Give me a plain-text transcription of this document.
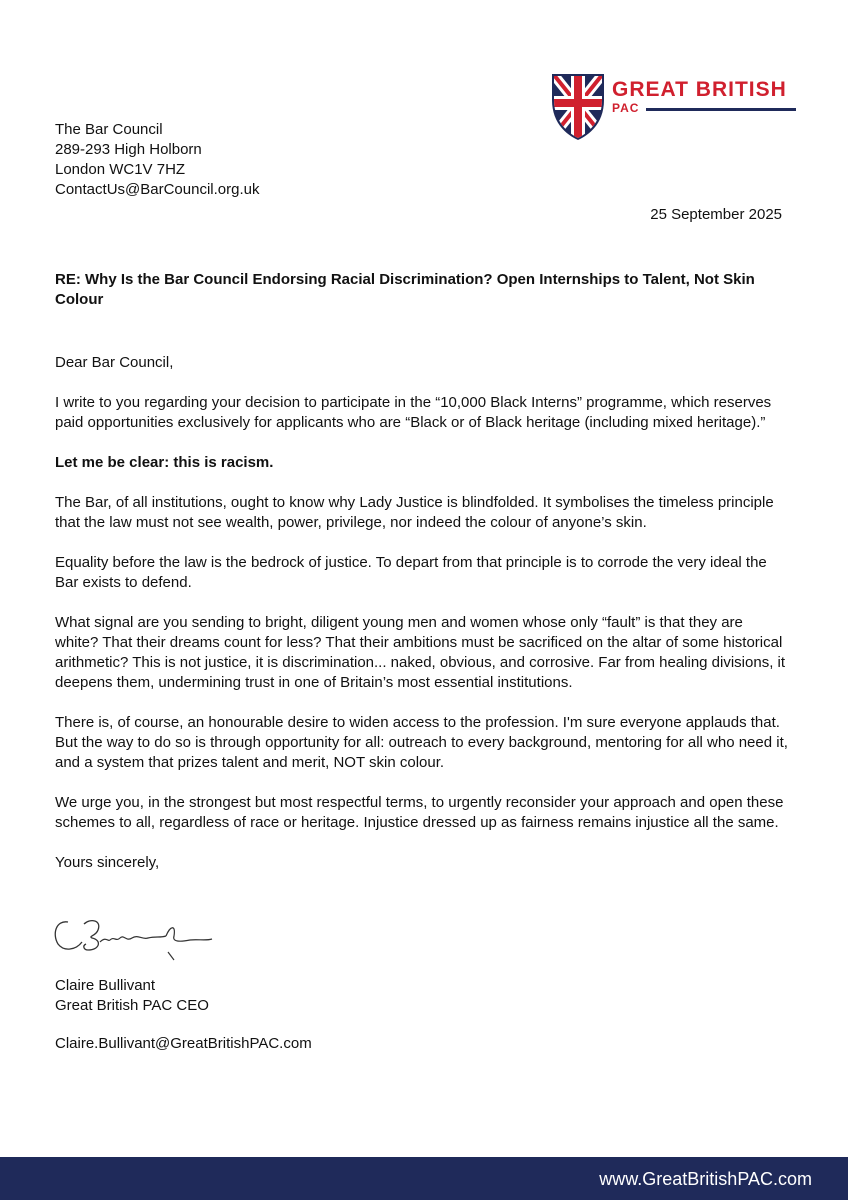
GREAT BRITISH
PAC
The Bar Council
289-293 High Holborn
London WC1V 7HZ
ContactUs@BarCouncil.org.uk
25 September 2025
RE: Why Is the Bar Council Endorsing Racial Discrimination? Open Internships to Talent, Not Skin Colour

Dear Bar Council,

I write to you regarding your decision to participate in the “10,000 Black Interns” programme, which reserves paid opportunities exclusively for applicants who are “Black or of Black heritage (including mixed heritage).”

Let me be clear: this is racism.

The Bar, of all institutions, ought to know why Lady Justice is blindfolded. It symbolises the timeless principle that the law must not see wealth, power, privilege, nor indeed the colour of anyone’s skin.

Equality before the law is the bedrock of justice. To depart from that principle is to corrode the very ideal the Bar exists to defend.

What signal are you sending to bright, diligent young men and women whose only “fault” is that they are white? That their dreams count for less? That their ambitions must be sacrificed on the altar of some historical arithmetic? This is not justice, it is discrimination... naked, obvious, and corrosive. Far from healing divisions, it deepens them, undermining trust in one of Britain’s most essential institutions.

There is, of course, an honourable desire to widen access to the profession. I'm sure everyone applauds that. But the way to do so is through opportunity for all: outreach to every background, mentoring for all who need it, and a system that prizes talent and merit, NOT skin colour.

We urge you, in the strongest but most respectful terms, to urgently reconsider your approach and open these schemes to all, regardless of race or heritage. Injustice dressed up as fairness remains injustice all the same.

Yours sincerely,

Claire Bullivant
Great British PAC CEO
Claire.Bullivant@GreatBritishPAC.com
www.GreatBritishPAC.com
